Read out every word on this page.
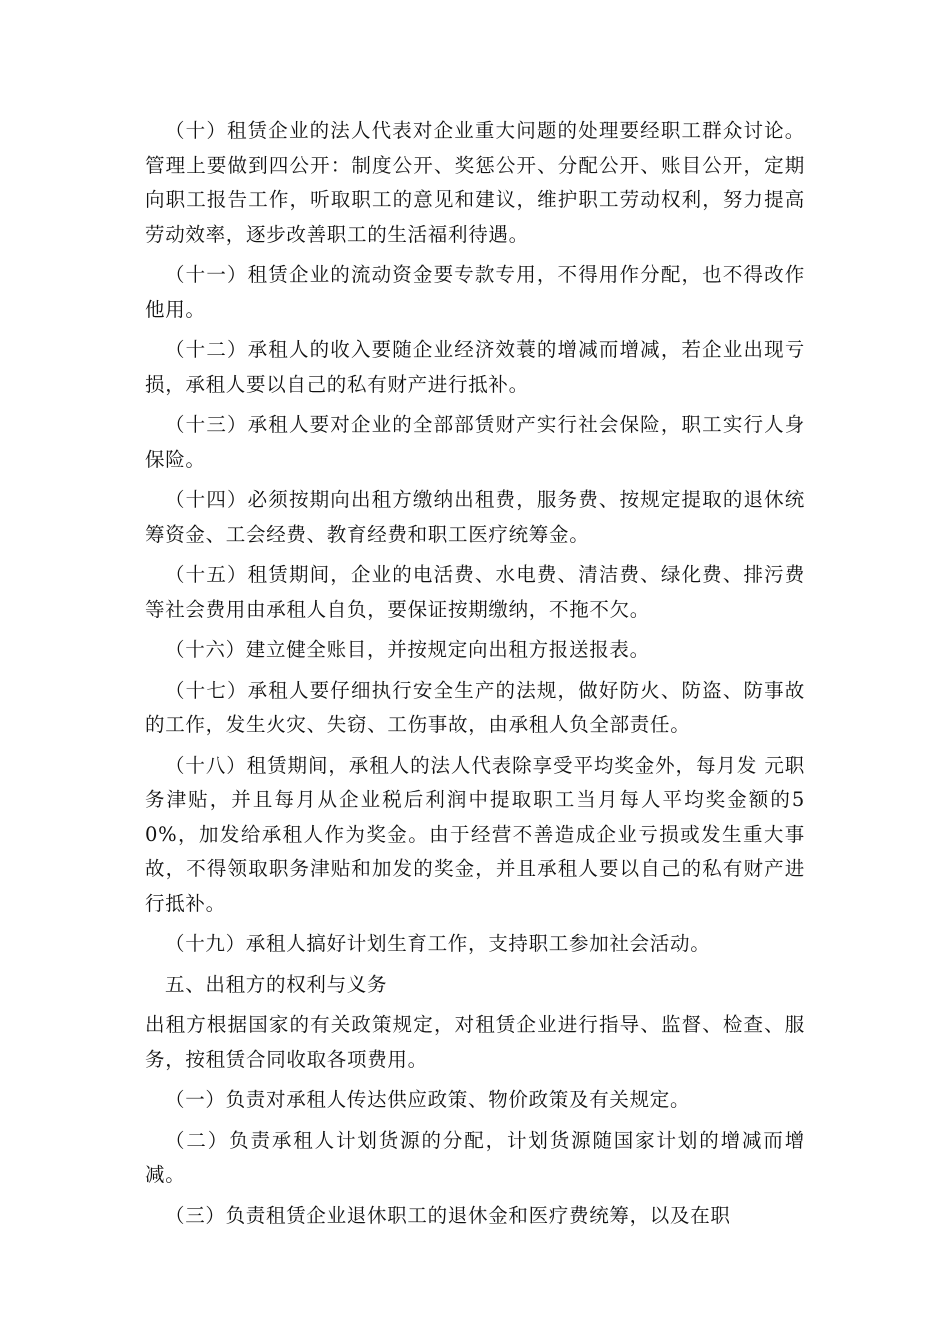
（十）租赁企业的法人代表对企业重大问题的处理要经职工群众讨论。管理上要做到四公开：制度公开、奖惩公开、分配公开、账目公开，定期向职工报告工作，听取职工的意见和建议，维护职工劳动权利，努力提高劳动效率，逐步改善职工的生活福利待遇。

（十一）租赁企业的流动资金要专款专用，不得用作分配，也不得改作他用。

（十二）承租人的收入要随企业经济效蓑的增减而增减，若企业出现亏损，承租人要以自己的私有财产进行抵补。

（十三）承租人要对企业的全部部赁财产实行社会保险，职工实行人身保险。

（十四）必须按期向出租方缴纳出租费，服务费、按规定提取的退休统筹资金、工会经费、教育经费和职工医疗统筹金。

（十五）租赁期间，企业的电活费、水电费、清洁费、绿化费、排污费等社会费用由承租人自负，要保证按期缴纳，不拖不欠。

（十六）建立健全账目，并按规定向出租方报送报表。

（十七）承租人要仔细执行安全生产的法规，做好防火、防盗、防事故的工作，发生火灾、失窃、工伤事故，由承租人负全部责任。

（十八）租赁期间，承租人的法人代表除享受平均奖金外，每月发 元职务津贴，并且每月从企业税后利润中提取职工当月每人平均奖金额的50%，加发给承租人作为奖金。由于经营不善造成企业亏损或发生重大事故，不得领取职务津贴和加发的奖金，并且承租人要以自己的私有财产进行抵补。

（十九）承租人搞好计划生育工作，支持职工参加社会活动。

五、出租方的权利与义务

出租方根据国家的有关政策规定，对租赁企业进行指导、监督、检查、服务，按租赁合同收取各项费用。

（一）负责对承租人传达供应政策、物价政策及有关规定。

（二）负责承租人计划货源的分配，计划货源随国家计划的增减而增减。

（三）负责租赁企业退休职工的退休金和医疗费统筹，以及在职
